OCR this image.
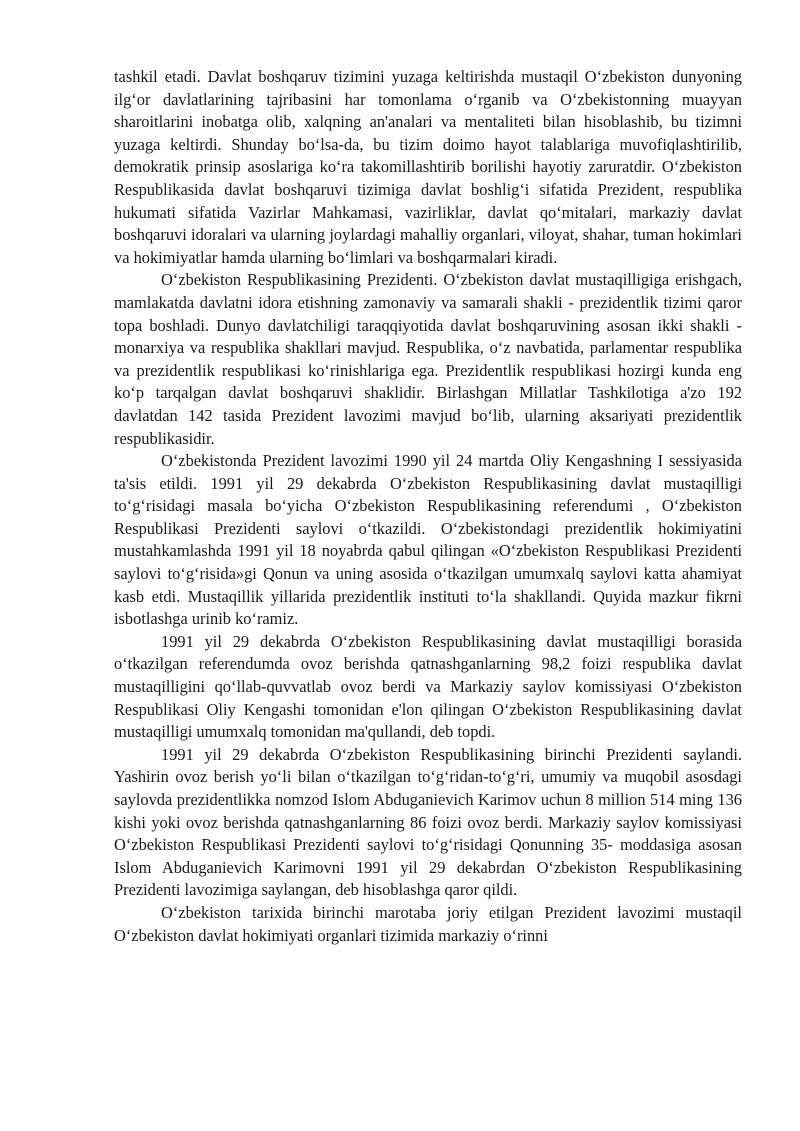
tashkil etadi. Davlat boshqaruv tizimini yuzaga keltirishda mustaqil O‘zbekiston dunyoning ilg‘or davlatlarining tajribasini har tomonlama o‘rganib va O‘zbekistonning muayyan sharoitlarini inobatga olib, xalqning an'analari va mentaliteti bilan hisoblashib, bu tizimni yuzaga keltirdi. Shunday bo‘lsa-da, bu tizim doimo hayot talablariga muvofiqlashtirilib, demokratik prinsip asoslariga ko‘ra takomillashtirib borilishi hayotiy zaruratdir. O‘zbekiston Respublikasida davlat boshqaruvi tizimiga davlat boshlig‘i sifatida Prezident, respublika hukumati sifatida Vazirlar Mahkamasi, vazirliklar, davlat qo‘mitalari, markaziy davlat boshqaruvi idoralari va ularning joylardagi mahalliy organlari, viloyat, shahar, tuman hokimlari va hokimiyatlar hamda ularning bo‘limlari va boshqarmalari kiradi.

O‘zbekiston Respublikasining Prezidenti. O‘zbekiston davlat mustaqilligiga erishgach, mamlakatda davlatni idora etishning zamonaviy va samarali shakli - prezidentlik tizimi qaror topa boshladi. Dunyo davlatchiligi taraqqiyotida davlat boshqaruvining asosan ikki shakli - monarxiya va respublika shakllari mavjud. Respublika, o‘z navbatida, parlamentar respublika va prezidentlik respublikasi ko‘rinishlariga ega. Prezidentlik respublikasi hozirgi kunda eng ko‘p tarqalgan davlat boshqaruvi shaklidir. Birlashgan Millatlar Tashkilotiga a'zo 192 davlatdan 142 tasida Prezident lavozimi mavjud bo‘lib, ularning aksariyati prezidentlik respublikasidir.

O‘zbekistonda Prezident lavozimi 1990 yil 24 martda Oliy Kengashning I sessiyasida ta'sis etildi. 1991 yil 29 dekabrda O‘zbekiston Respublikasining davlat mustaqilligi to‘g‘risidagi masala bo‘yicha O‘zbekiston Respublikasining referendumi , O‘zbekiston Respublikasi Prezidenti saylovi o‘tkazildi. O‘zbekistondagi prezidentlik hokimiyatini mustahkamlashda 1991 yil 18 noyabrda qabul qilingan «O‘zbekiston Respublikasi Prezidenti saylovi to‘g‘risida»gi Qonun va uning asosida o‘tkazilgan umumxalq saylovi katta ahamiyat kasb etdi. Mustaqillik yillarida prezidentlik instituti to‘la shakllandi. Quyida mazkur fikrni isbotlashga urinib ko‘ramiz.

1991 yil 29 dekabrda O‘zbekiston Respublikasining davlat mustaqilligi borasida o‘tkazilgan referendumda ovoz berishda qatnashganlarning 98,2 foizi respublika davlat mustaqilligini qo‘llab-quvvatlab ovoz berdi va Markaziy saylov komissiyasi O‘zbekiston Respublikasi Oliy Kengashi tomonidan e'lon qilingan O‘zbekiston Respublikasining davlat mustaqilligi umumxalq tomonidan ma'qullandi, deb topdi.

1991 yil 29 dekabrda O‘zbekiston Respublikasining birinchi Prezidenti saylandi. Yashirin ovoz berish yo‘li bilan o‘tkazilgan to‘g‘ridan-to‘g‘ri, umumiy va muqobil asosdagi saylovda prezidentlikka nomzod Islom Abduganievich Karimov uchun 8 million 514 ming 136 kishi yoki ovoz berishda qatnashganlarning 86 foizi ovoz berdi. Markaziy saylov komissiyasi O‘zbekiston Respublikasi Prezidenti saylovi to‘g‘risidagi Qonunning 35- moddasiga asosan Islom Abduganievich Karimovni 1991 yil 29 dekabrdan O‘zbekiston Respublikasining Prezidenti lavozimiga saylangan, deb hisoblashga qaror qildi.

O‘zbekiston tarixida birinchi marotaba joriy etilgan Prezident lavozimi mustaqil O‘zbekiston davlat hokimiyati organlari tizimida markaziy o‘rinni
